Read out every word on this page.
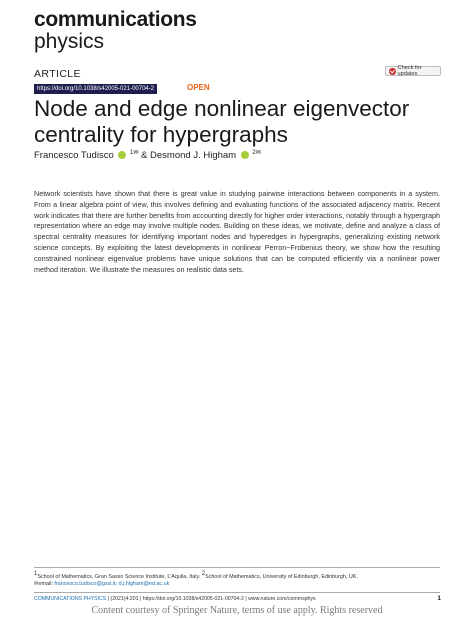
communications
physics
ARTICLE	Check for updates
https://doi.org/10.1038/s42005-021-00704-2	OPEN
Node and edge nonlinear eigenvector centrality for hypergraphs
Francesco Tudisco	$^{1✉}$ & Desmond J. Higham	$^{2✉}$

Network scientists have shown that there is great value in studying pairwise interactions between components in a system. From a linear algebra point of view, this involves defining and evaluating functions of the associated adjacency matrix. Recent work indicates that there are further benefits from accounting directly for higher order interactions, notably through a hypergraph representation where an edge may involve multiple nodes. Building on these ideas, we motivate, define and analyze a class of spectral centrality measures for identifying important nodes and hyperedges in hypergraphs, generalizing existing network science concepts. By exploiting the latest developments in nonlinear Perron−Frobenius theory, we show how the resulting constrained nonlinear eigenvalue problems have unique solutions that can be computed efficiently via a nonlinear power method iteration. We illustrate the measures on realistic data sets.

1School of Mathematics, Gran Sasso Science Institute, L’Aquila, Italy. 2School of Mathematics, University of Edinburgh, Edinburgh, UK.
✉email: francesco.tudisco@gssi.it; d.j.higham@ed.ac.uk
COMMUNICATIONS PHYSICS | (2021)4:201 | https://doi.org/10.1038/s42005-021-00704-2 | www.nature.com/commsphys	1
Content courtesy of Springer Nature, terms of use apply. Rights reserved
